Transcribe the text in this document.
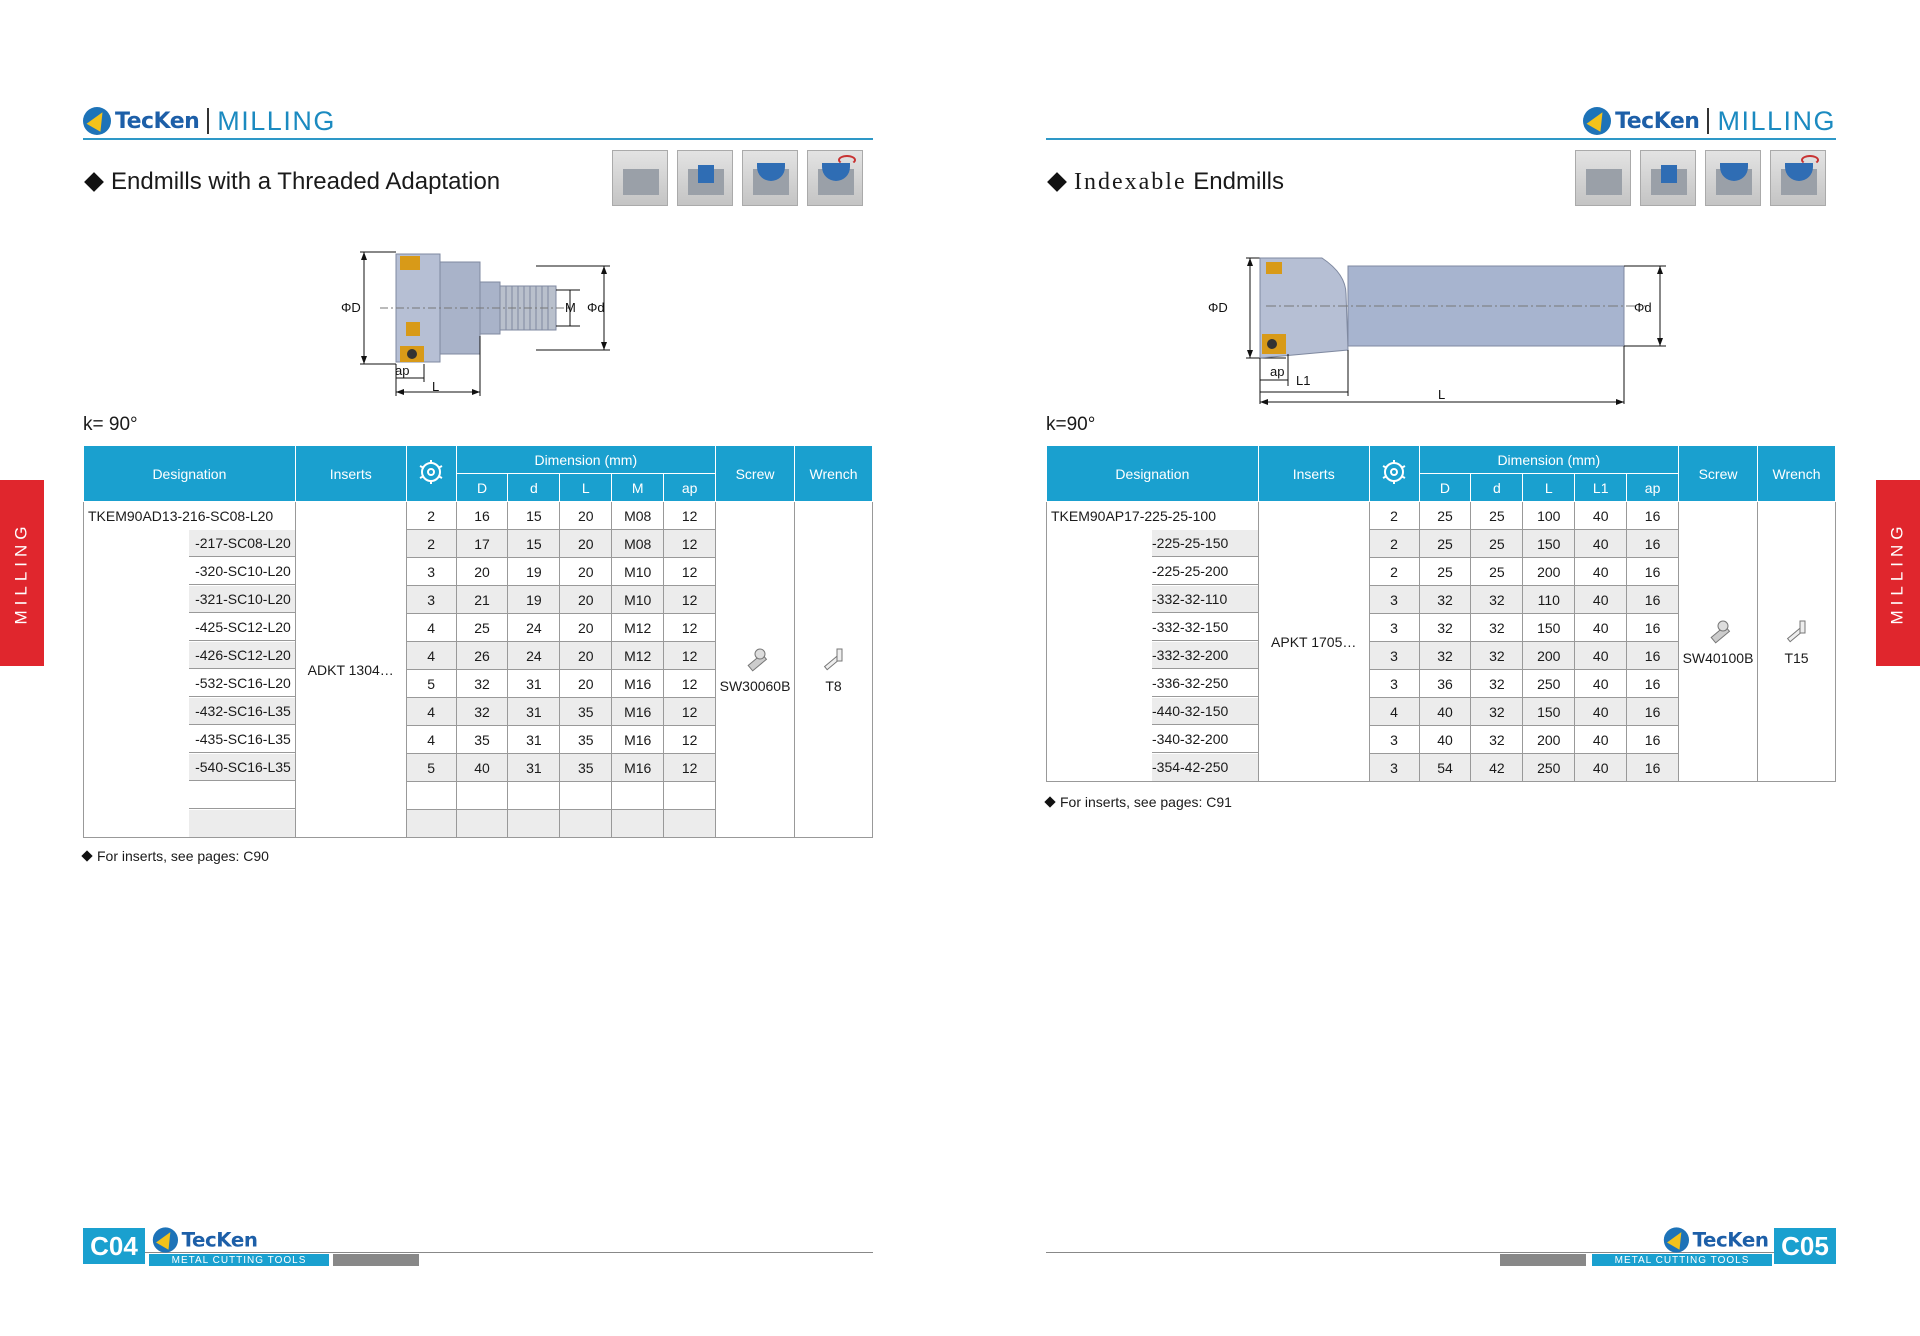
TecKen MILLING
Endmills with a Threaded Adaptation
ΦD	M Φd
ap
L
k= 90°
Designation	Inserts		Dimension (mm)					Screw	Wrench
			D	d	L	M	ap		

TKEM90AD13 -216-SC08-L20	ADKT 1304…	2	16	15	20	M08	12	SW30060B	T8

-217-SC08-L20		2	17	15	20	M08	12		

-320-SC10-L20		3	20	19	20	M10	12		

-321-SC10-L20		3	21	19	20	M10	12		

-425-SC12-L20		4	25	24	20	M12	12		

-426-SC12-L20		4	26	24	20	M12	12		

-532-SC16-L20		5	32	31	20	M16	12		

-432-SC16-L35		4	32	31	35	M16	12		

-435-SC16-L35		4	35	31	35	M16	12		

-540-SC16-L35		5	40	31	35	M16	12		

For inserts, see pages: C90
C04	TecKen
METAL CUTTING TOOLS
MILLING
TecKen MILLING
Indexable Endmills
ΦD	Φd
ap
L1
L
k=90°
Designation	Inserts		Dimension (mm)					Screw	Wrench
			D	d	L	L1	ap		

TKEM90AP17 -225-25-100	APKT 1705…	2	25	25	100	40	16	SW40100B	T15

-225-25-150		2	25	25	150	40	16		

-225-25-200		2	25	25	200	40	16		

-332-32-110		3	32	32	110	40	16		

-332-32-150		3	32	32	150	40	16		

-332-32-200		3	32	32	200	40	16		

-336-32-250		3	36	32	250	40	16		

-440-32-150		4	40	32	150	40	16		

-340-32-200		3	40	32	200	40	16		

-354-42-250		3	54	42	250	40	16		
For inserts, see pages: C91
TecKen
METAL CUTTING TOOLS	C05
MILLING
